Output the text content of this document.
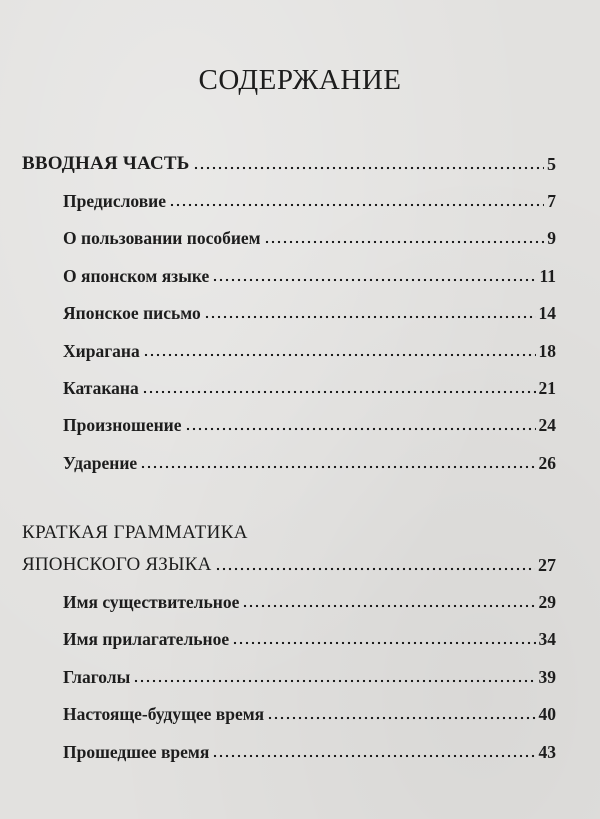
СОДЕРЖАНИЕ
ВВОДНАЯ ЧАСТЬ	5
Предисловие	7
О пользовании пособием	9
О японском языке	11
Японское письмо	14
Хирагана	18
Катакана	21
Произношение	24
Ударение	26
КРАТКАЯ ГРАММАТИКА
ЯПОНСКОГО ЯЗЫКА	27
Имя существительное	29
Имя прилагательное	34
Глаголы	39
Настояще-будущее время	40
Прошедшее время	43
